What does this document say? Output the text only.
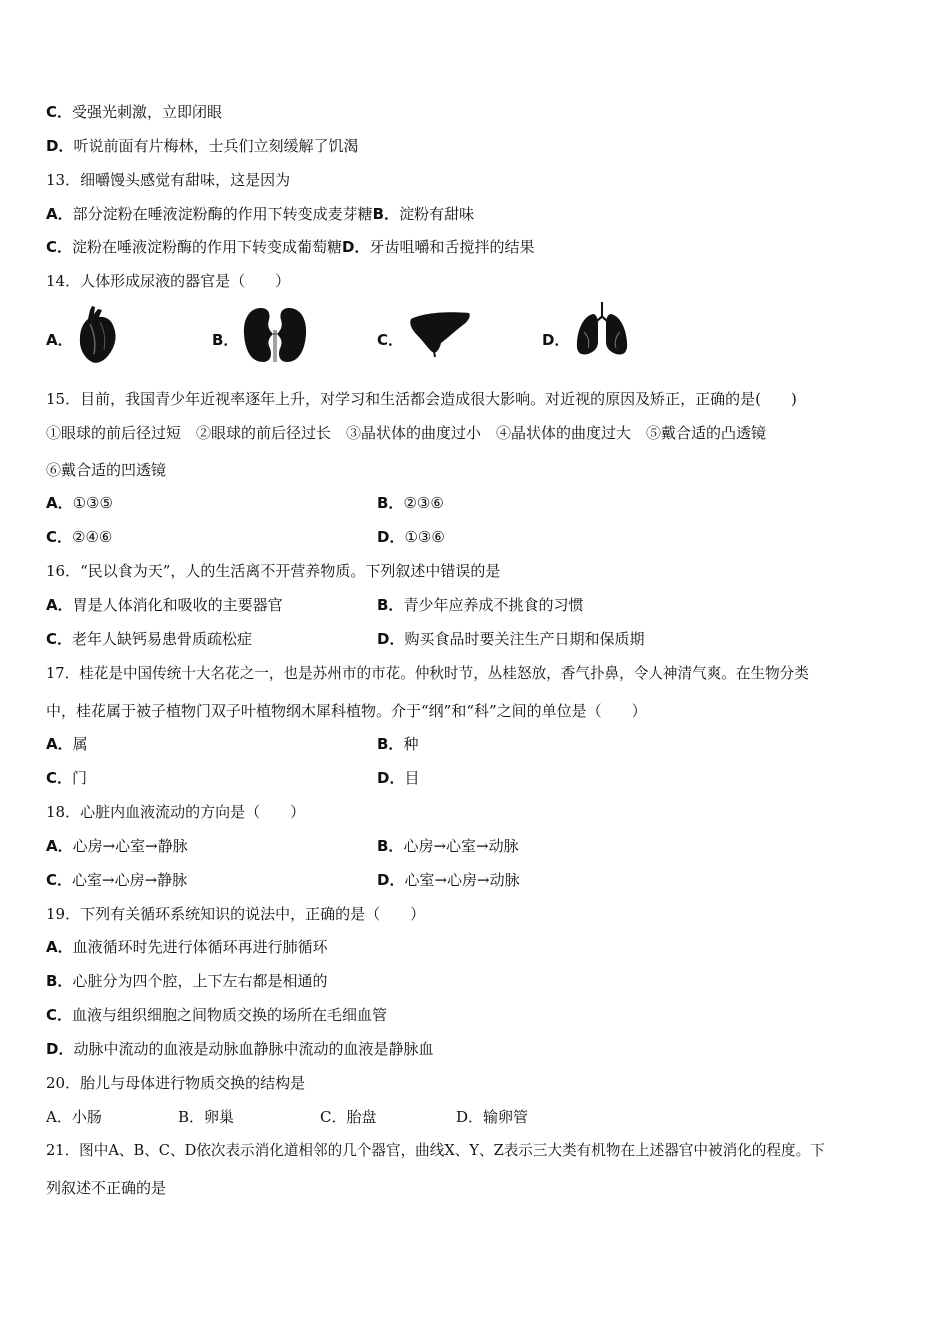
C．受强光刺激，立即闭眼
D．听说前面有片梅林，士兵们立刻缓解了饥渴
13．细嚼馒头感觉有甜味，这是因为
A．部分淀粉在唾液淀粉酶的作用下转变成麦芽糖B．淀粉有甜味
C．淀粉在唾液淀粉酶的作用下转变成葡萄糖D．牙齿咀嚼和舌搅拌的结果
14．人体形成尿液的器官是（　　）
A．	B．	C．	D．
15．目前，我国青少年近视率逐年上升，对学习和生活都会造成很大影响。对近视的原因及矫正，正确的是(　　)
①眼球的前后径过短　②眼球的前后径过长　③晶状体的曲度过小　④晶状体的曲度过大　⑤戴合适的凸透镜
⑥戴合适的凹透镜
A．①③⑤	B．②③⑥
C．②④⑥	D．①③⑥
16．“民以食为天”，人的生活离不开营养物质。下列叙述中错误的是
A．胃是人体消化和吸收的主要器官	B．青少年应养成不挑食的习惯
C．老年人缺钙易患骨质疏松症	D．购买食品时要关注生产日期和保质期
17．桂花是中国传统十大名花之一，也是苏州市的市花。仲秋时节，丛桂怒放，香气扑鼻，令人神清气爽。在生物分类
中，桂花属于被子植物门双子叶植物纲木犀科植物。介于“纲”和“科”之间的单位是（　　）
A．属	B．种
C．门	D．目
18．心脏内血液流动的方向是（　　）
A．心房→心室→静脉	B．心房→心室→动脉
C．心室→心房→静脉	D．心室→心房→动脉
19．下列有关循环系统知识的说法中，正确的是（　　）
A．血液循环时先进行体循环再进行肺循环
B．心脏分为四个腔，上下左右都是相通的
C．血液与组织细胞之间物质交换的场所在毛细血管
D．动脉中流动的血液是动脉血静脉中流动的血液是静脉血
20．胎儿与母体进行物质交换的结构是
A．小肠	B．卵巢	C．胎盘	D．输卵管
21．图中A、B、C、D依次表示消化道相邻的几个器官，曲线X、Y、Z表示三大类有机物在上述器官中被消化的程度。下
列叙述不正确的是
